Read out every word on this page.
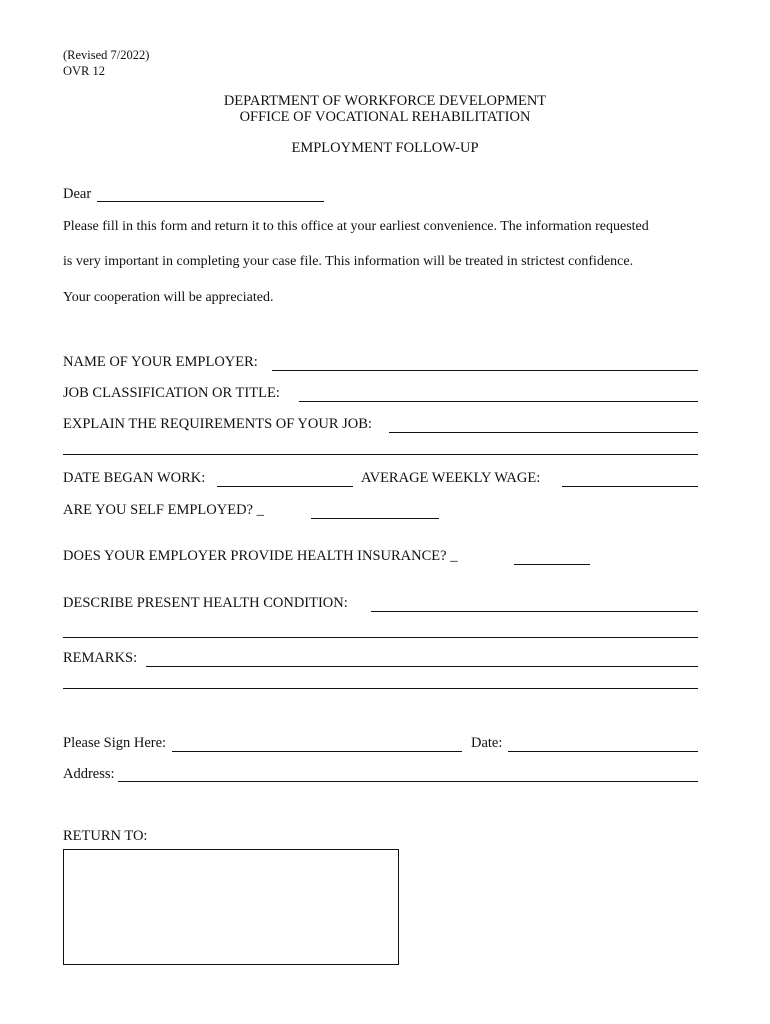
(Revised 7/2022)
OVR 12
DEPARTMENT OF WORKFORCE DEVELOPMENT
OFFICE OF VOCATIONAL REHABILITATION
EMPLOYMENT FOLLOW-UP
Dear
Please fill in this form and return it to this office at your earliest convenience. The information requested
is very important in completing your case file. This information will be treated in strictest confidence.
Your cooperation will be appreciated.
NAME OF YOUR EMPLOYER:
JOB CLASSIFICATION OR TITLE:
EXPLAIN THE REQUIREMENTS OF YOUR JOB:
DATE BEGAN WORK:	AVERAGE WEEKLY WAGE:
ARE YOU SELF EMPLOYED? _
DOES YOUR EMPLOYER PROVIDE HEALTH INSURANCE? _
DESCRIBE PRESENT HEALTH CONDITION:
REMARKS:
Please Sign Here:	Date:
Address:
RETURN TO:
